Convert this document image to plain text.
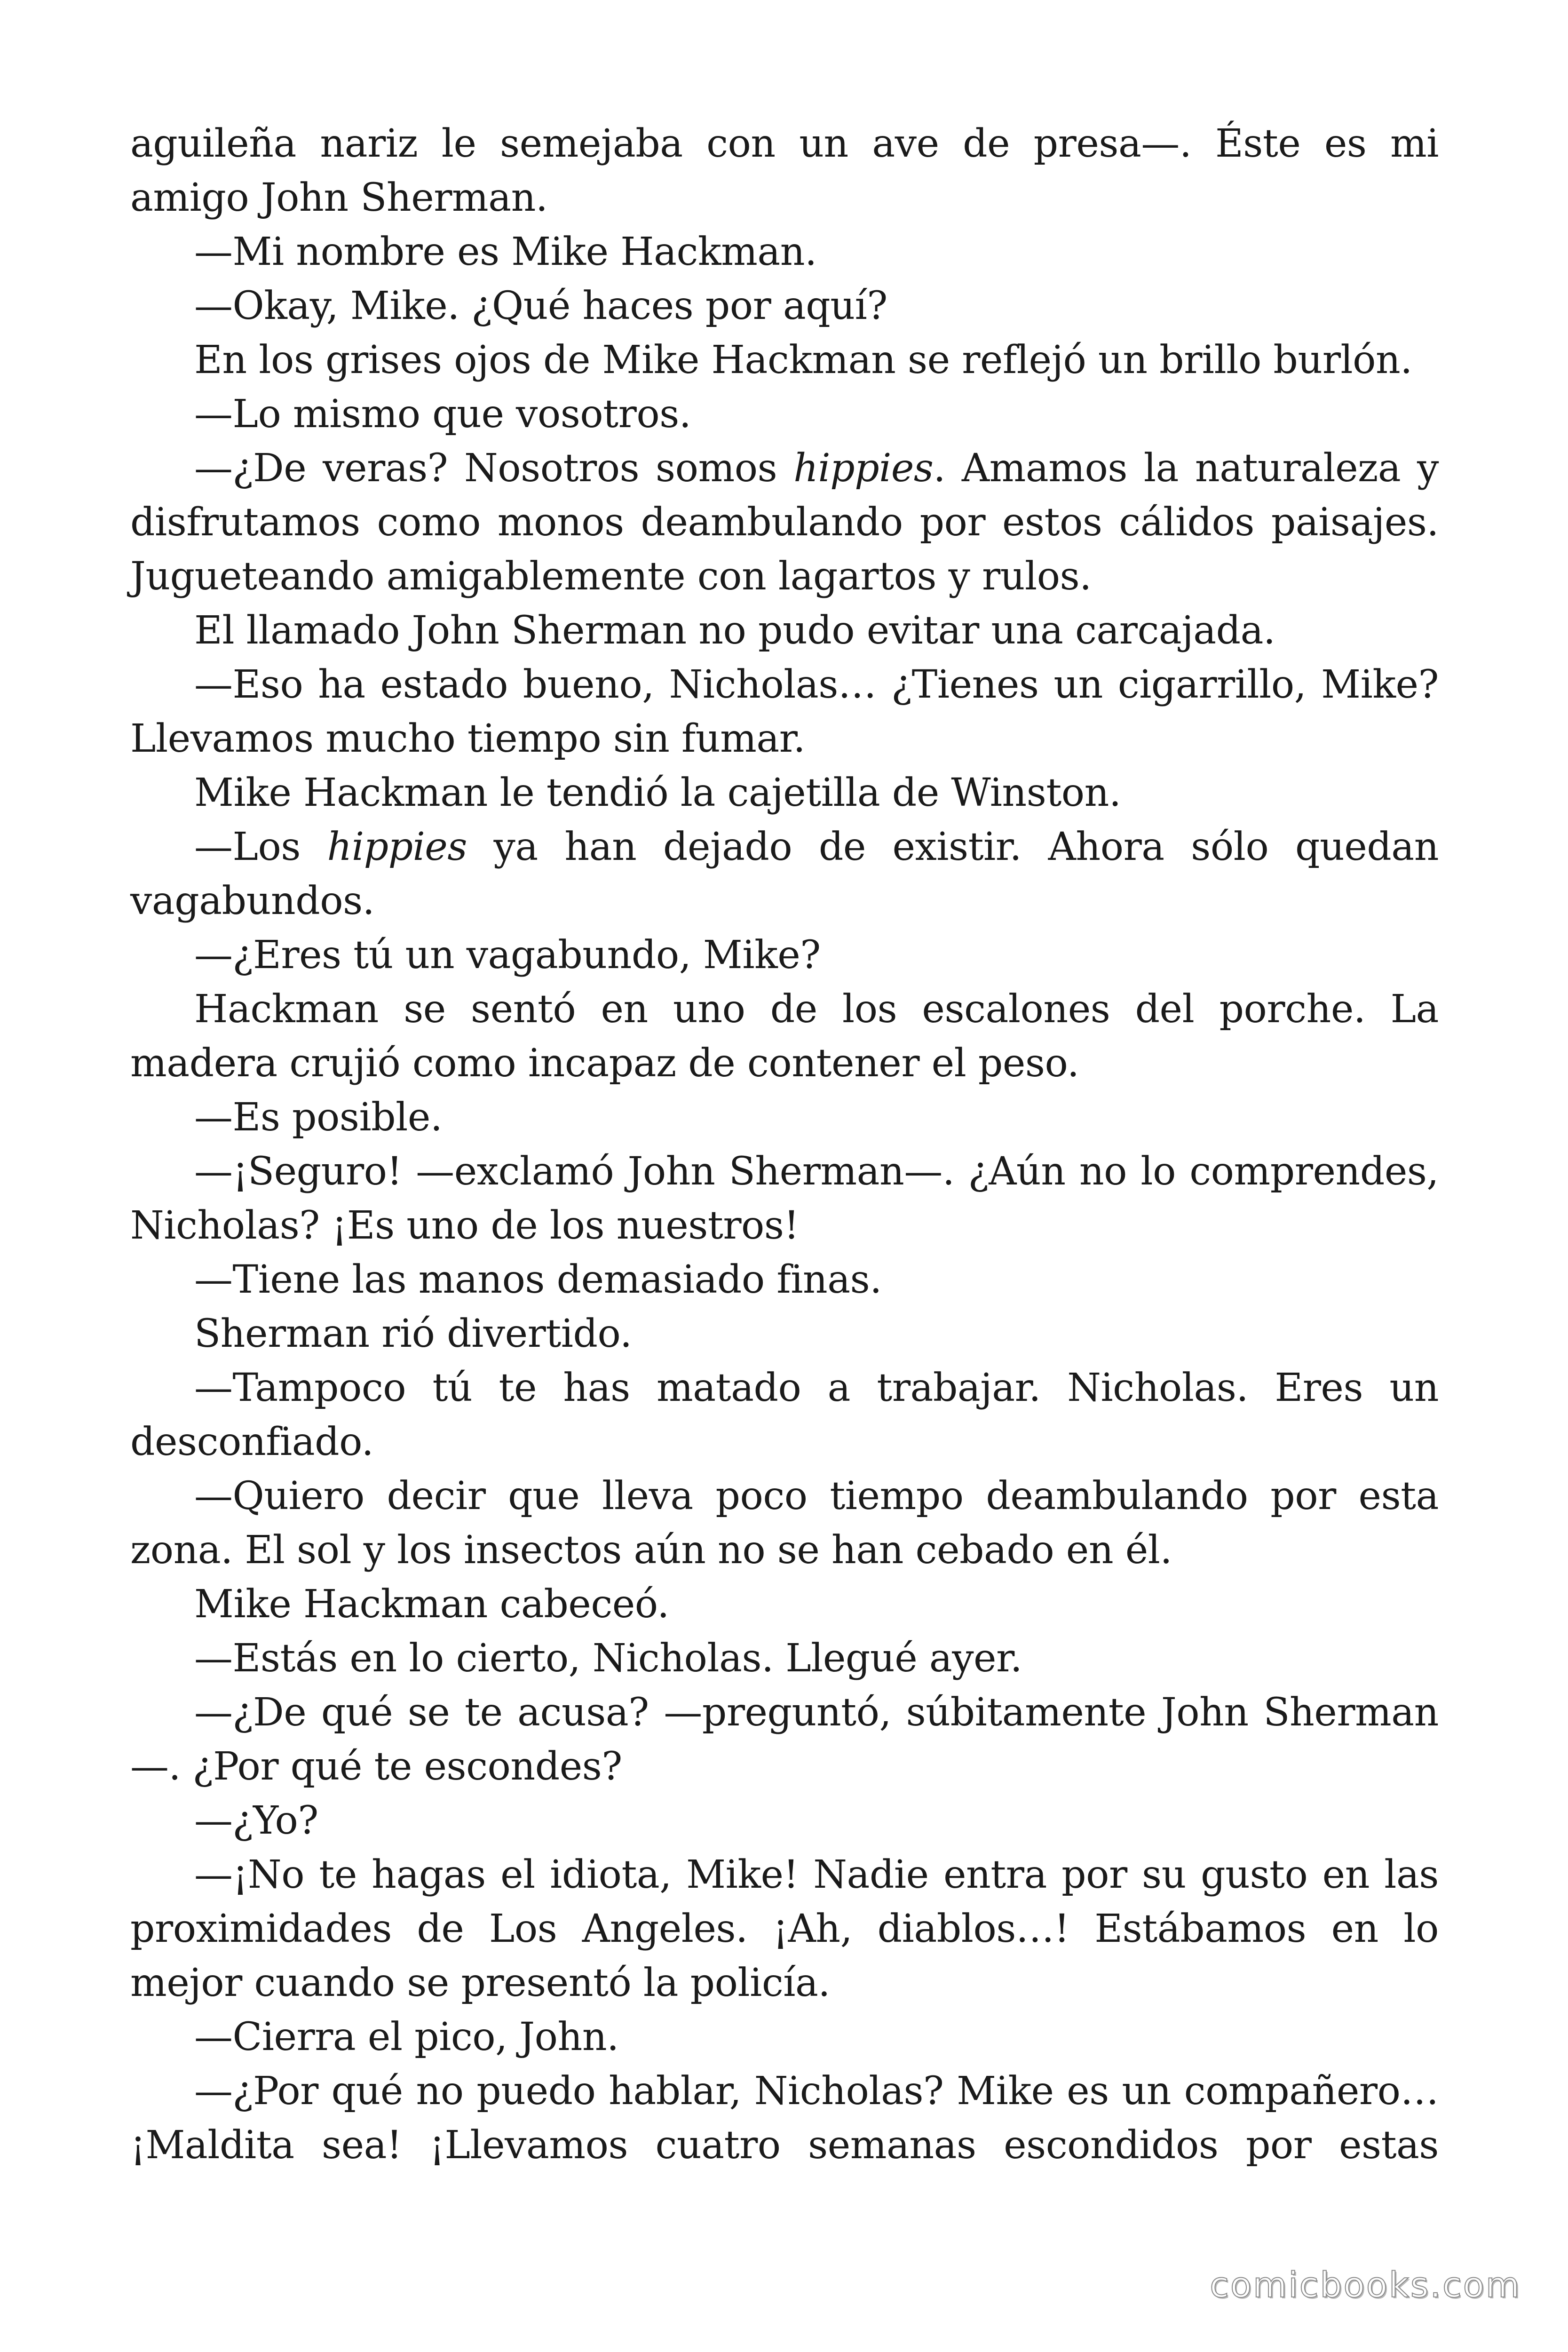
aguileña nariz le semejaba con un ave de presa—. Éste es mi amigo John Sherman.

—Mi nombre es Mike Hackman.

—Okay, Mike. ¿Qué haces por aquí?

En los grises ojos de Mike Hackman se reflejó un brillo burlón.

—Lo mismo que vosotros.

—¿De veras? Nosotros somos hippies. Amamos la naturaleza y disfrutamos como monos deambulando por estos cálidos paisajes. Jugueteando amigablemente con lagartos y rulos.

El llamado John Sherman no pudo evitar una carcajada.

—Eso ha estado bueno, Nicholas… ¿Tienes un cigarrillo, Mike? Llevamos mucho tiempo sin fumar.

Mike Hackman le tendió la cajetilla de Winston.

—Los hippies ya han dejado de existir. Ahora sólo quedan vagabundos.

—¿Eres tú un vagabundo, Mike?

Hackman se sentó en uno de los escalones del porche. La madera crujió como incapaz de contener el peso.

—Es posible.

—¡Seguro! —exclamó John Sherman—. ¿Aún no lo comprendes, Nicholas? ¡Es uno de los nuestros!

—Tiene las manos demasiado finas.

Sherman rió divertido.

—Tampoco tú te has matado a trabajar. Nicholas. Eres un desconfiado.

—Quiero decir que lleva poco tiempo deambulando por esta zona. El sol y los insectos aún no se han cebado en él.

Mike Hackman cabeceó.

—Estás en lo cierto, Nicholas. Llegué ayer.

—¿De qué se te acusa? —preguntó, súbitamente John Sherman —. ¿Por qué te escondes?

—¿Yo?

—¡No te hagas el idiota, Mike! Nadie entra por su gusto en las proximidades de Los Angeles. ¡Ah, diablos…! Estábamos en lo mejor cuando se presentó la policía.

—Cierra el pico, John.

—¿Por qué no puedo hablar, Nicholas? Mike es un compañero… ¡Maldita sea! ¡Llevamos cuatro semanas escondidos por estas

comicbooks.com
